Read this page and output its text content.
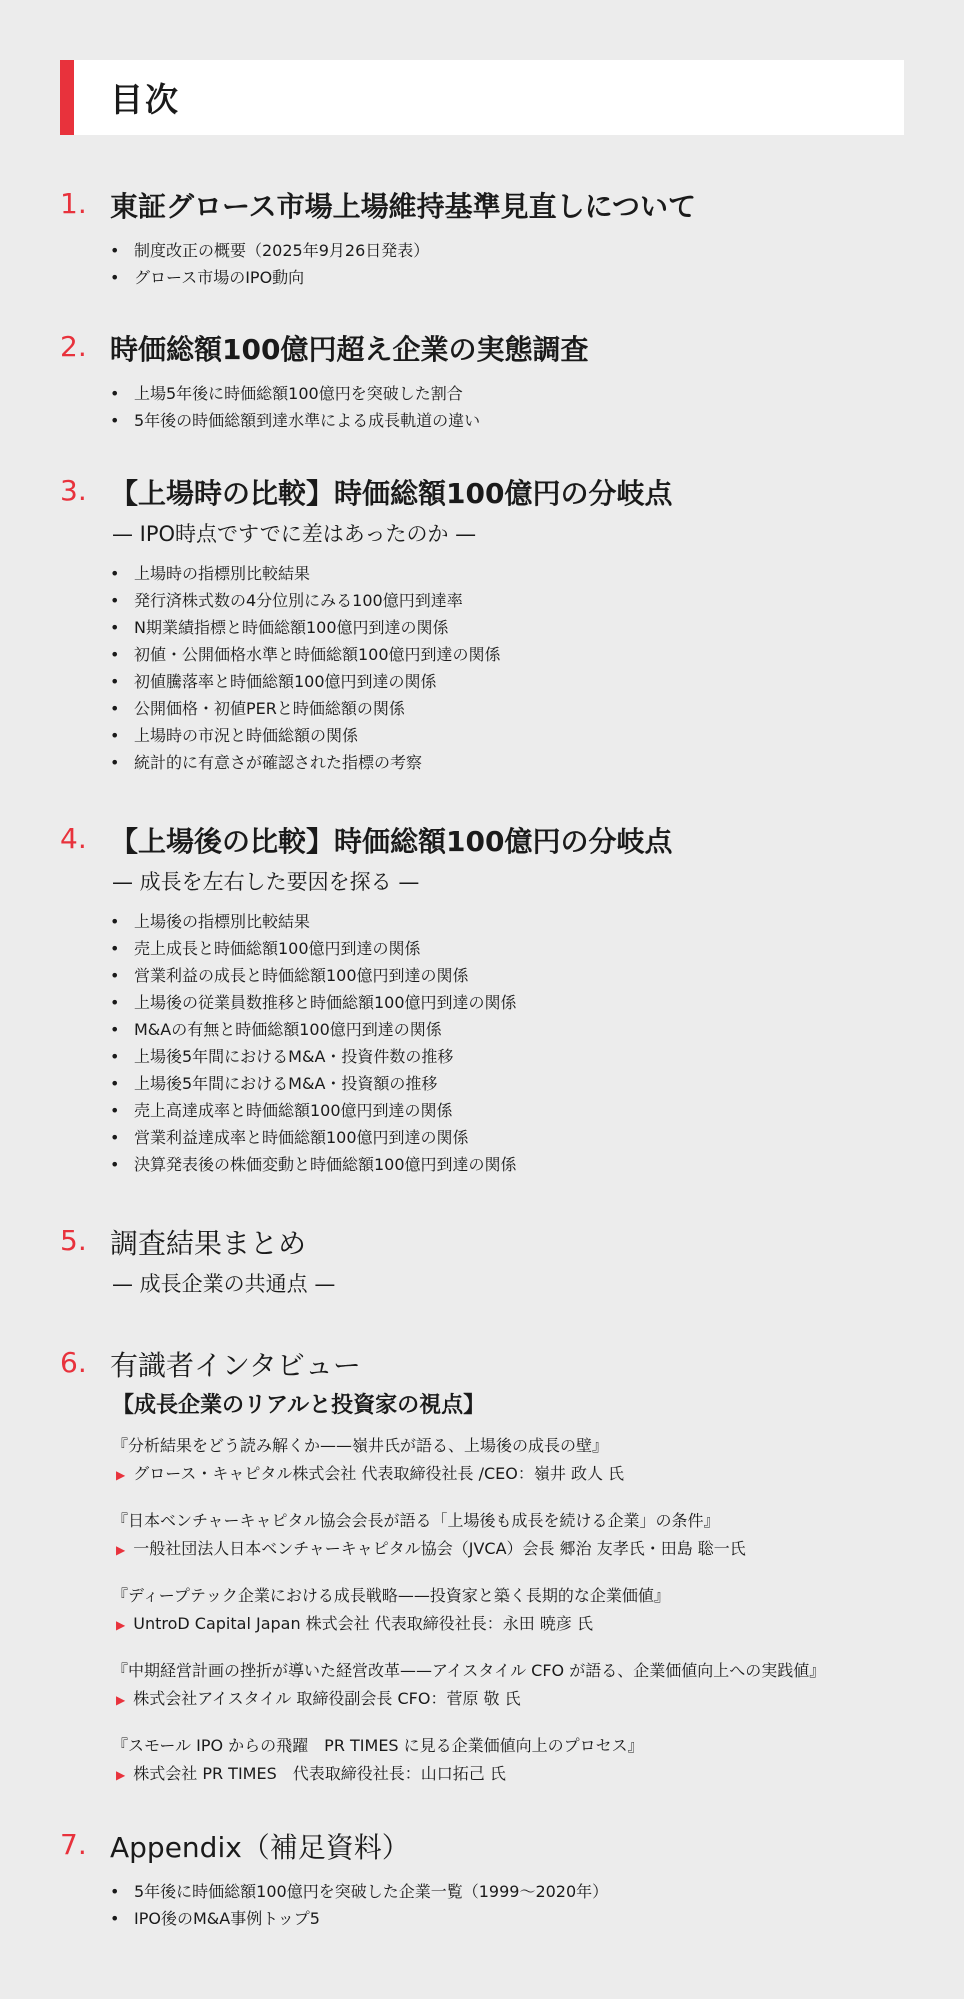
目次
1. 東証グロース市場上場維持基準見直しについて
• 制度改正の概要（2025年9月26日発表）
• グロース市場のIPO動向
2. 時価総額100億円超え企業の実態調査
• 上場5年後に時価総額100億円を突破した割合
• 5年後の時価総額到達水準による成長軌道の違い
3. 【上場時の比較】時価総額100億円の分岐点
— IPO時点ですでに差はあったのか —
• 上場時の指標別比較結果
• 発行済株式数の4分位別にみる100億円到達率
• N期業績指標と時価総額100億円到達の関係
• 初値・公開価格水準と時価総額100億円到達の関係
• 初値騰落率と時価総額100億円到達の関係
• 公開価格・初値PERと時価総額の関係
• 上場時の市況と時価総額の関係
• 統計的に有意さが確認された指標の考察
4. 【上場後の比較】時価総額100億円の分岐点
— 成長を左右した要因を探る —
• 上場後の指標別比較結果
• 売上成長と時価総額100億円到達の関係
• 営業利益の成長と時価総額100億円到達の関係
• 上場後の従業員数推移と時価総額100億円到達の関係
• M&Aの有無と時価総額100億円到達の関係
• 上場後5年間におけるM&A・投資件数の推移
• 上場後5年間におけるM&A・投資額の推移
• 売上高達成率と時価総額100億円到達の関係
• 営業利益達成率と時価総額100億円到達の関係
• 決算発表後の株価変動と時価総額100億円到達の関係
5. 調査結果まとめ
— 成長企業の共通点 —
6. 有識者インタビュー
【成長企業のリアルと投資家の視点】
『分析結果をどう読み解くか——嶺井氏が語る、上場後の成長の壁』
▶ グロース・キャピタル株式会社 代表取締役社長 /CEO：嶺井 政人 氏
『日本ベンチャーキャピタル協会会長が語る「上場後も成長を続ける企業」の条件』
▶ 一般社団法人日本ベンチャーキャピタル協会（JVCA）会長 郷治 友孝氏・田島 聡一氏
『ディープテック企業における成長戦略——投資家と築く長期的な企業価値』
▶ UntroD Capital Japan 株式会社 代表取締役社長：永田 暁彦 氏
『中期経営計画の挫折が導いた経営改革——アイスタイル CFO が語る、企業価値向上への実践値』
▶ 株式会社アイスタイル 取締役副会長 CFO：菅原 敬 氏
『スモール IPO からの飛躍　PR TIMES に見る企業価値向上のプロセス』
▶ 株式会社 PR TIMES　代表取締役社長：山口拓己 氏
7. Appendix（補足資料）
• 5年後に時価総額100億円を突破した企業一覧（1999〜2020年）
• IPO後のM&A事例トップ5
